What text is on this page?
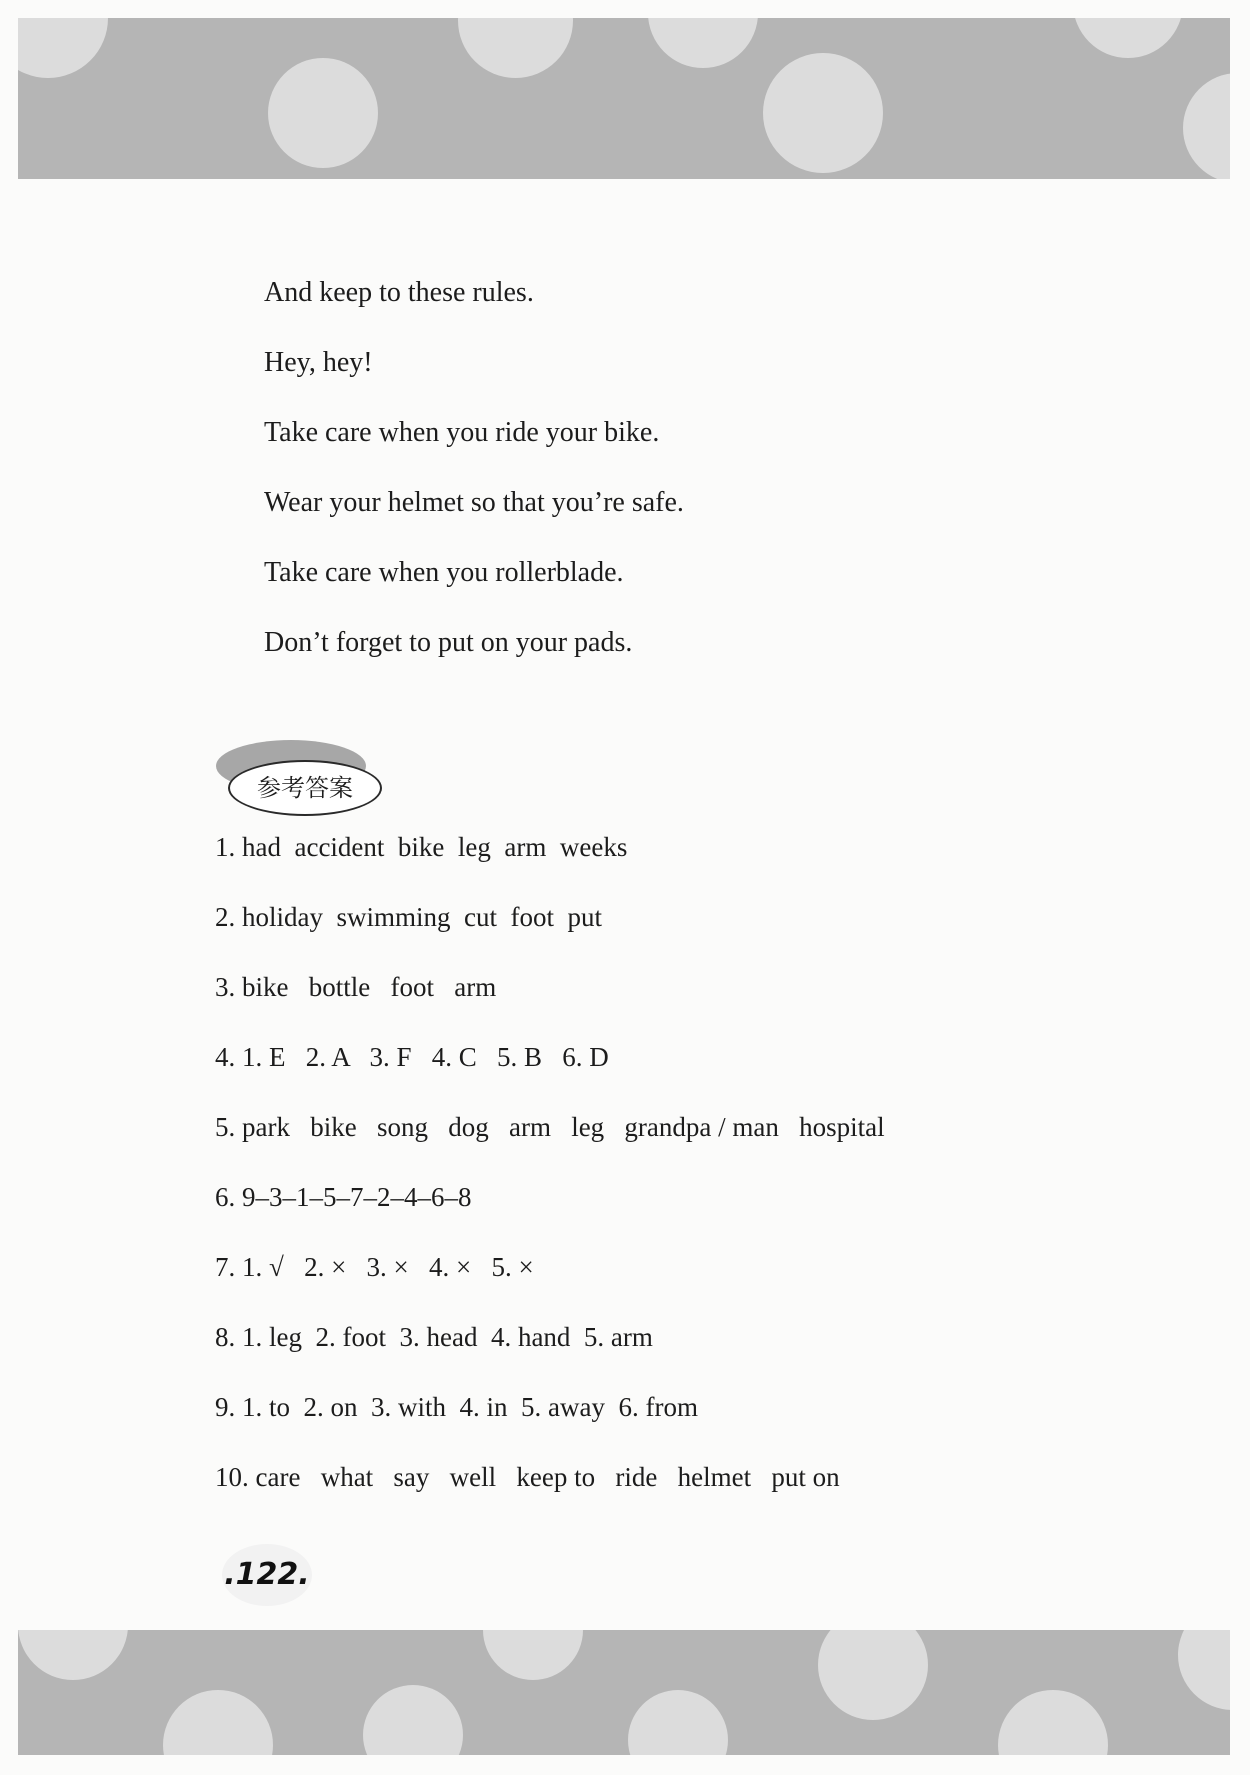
And keep to these rules.
Hey, hey!
Take care when you ride your bike.
Wear your helmet so that you’re safe.
Take care when you rollerblade.
Don’t forget to put on your pads.
参考答案
1. had  accident  bike  leg  arm  weeks
2. holiday  swimming  cut  foot  put
3. bike   bottle   foot   arm
4. 1. E   2. A   3. F   4. C   5. B   6. D
5. park   bike   song   dog   arm   leg   grandpa / man   hospital
6. 9–3–1–5–7–2–4–6–8
7. 1. √   2. ×   3. ×   4. ×   5. ×
8. 1. leg  2. foot  3. head  4. hand  5. arm
9. 1. to  2. on  3. with  4. in  5. away  6. from
10. care   what   say   well   keep to   ride   helmet   put on
.122.
